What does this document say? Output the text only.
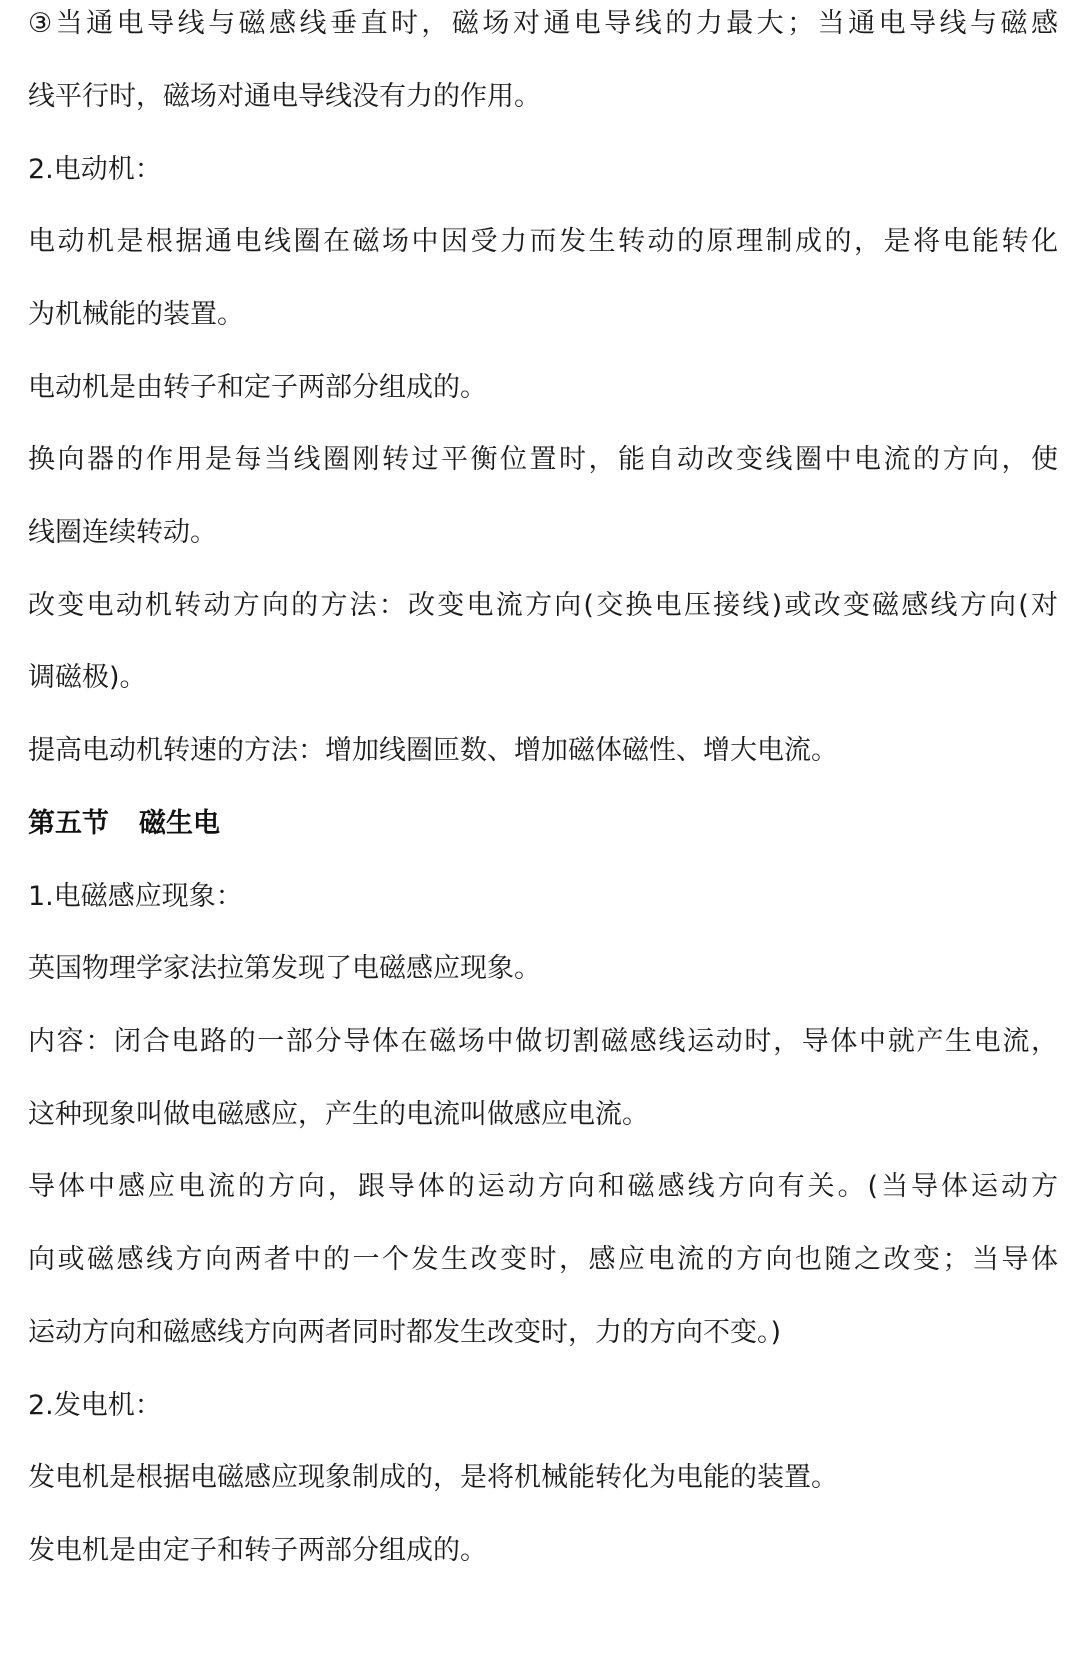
③当通电导线与磁感线垂直时，磁场对通电导线的力最大；当通电导线与磁感
线平行时，磁场对通电导线没有力的作用。
2.电动机：
电动机是根据通电线圈在磁场中因受力而发生转动的原理制成的，是将电能转化
为机械能的装置。
电动机是由转子和定子两部分组成的。
换向器的作用是每当线圈刚转过平衡位置时，能自动改变线圈中电流的方向，使
线圈连续转动。
改变电动机转动方向的方法：改变电流方向(交换电压接线)或改变磁感线方向(对
调磁极)。
提高电动机转速的方法：增加线圈匝数、增加磁体磁性、增大电流。
第五节 磁生电
1.电磁感应现象：
英国物理学家法拉第发现了电磁感应现象。
内容：闭合电路的一部分导体在磁场中做切割磁感线运动时，导体中就产生电流，
这种现象叫做电磁感应，产生的电流叫做感应电流。
导体中感应电流的方向，跟导体的运动方向和磁感线方向有关。(当导体运动方
向或磁感线方向两者中的一个发生改变时，感应电流的方向也随之改变；当导体
运动方向和磁感线方向两者同时都发生改变时，力的方向不变。)
2.发电机：
发电机是根据电磁感应现象制成的，是将机械能转化为电能的装置。
发电机是由定子和转子两部分组成的。
